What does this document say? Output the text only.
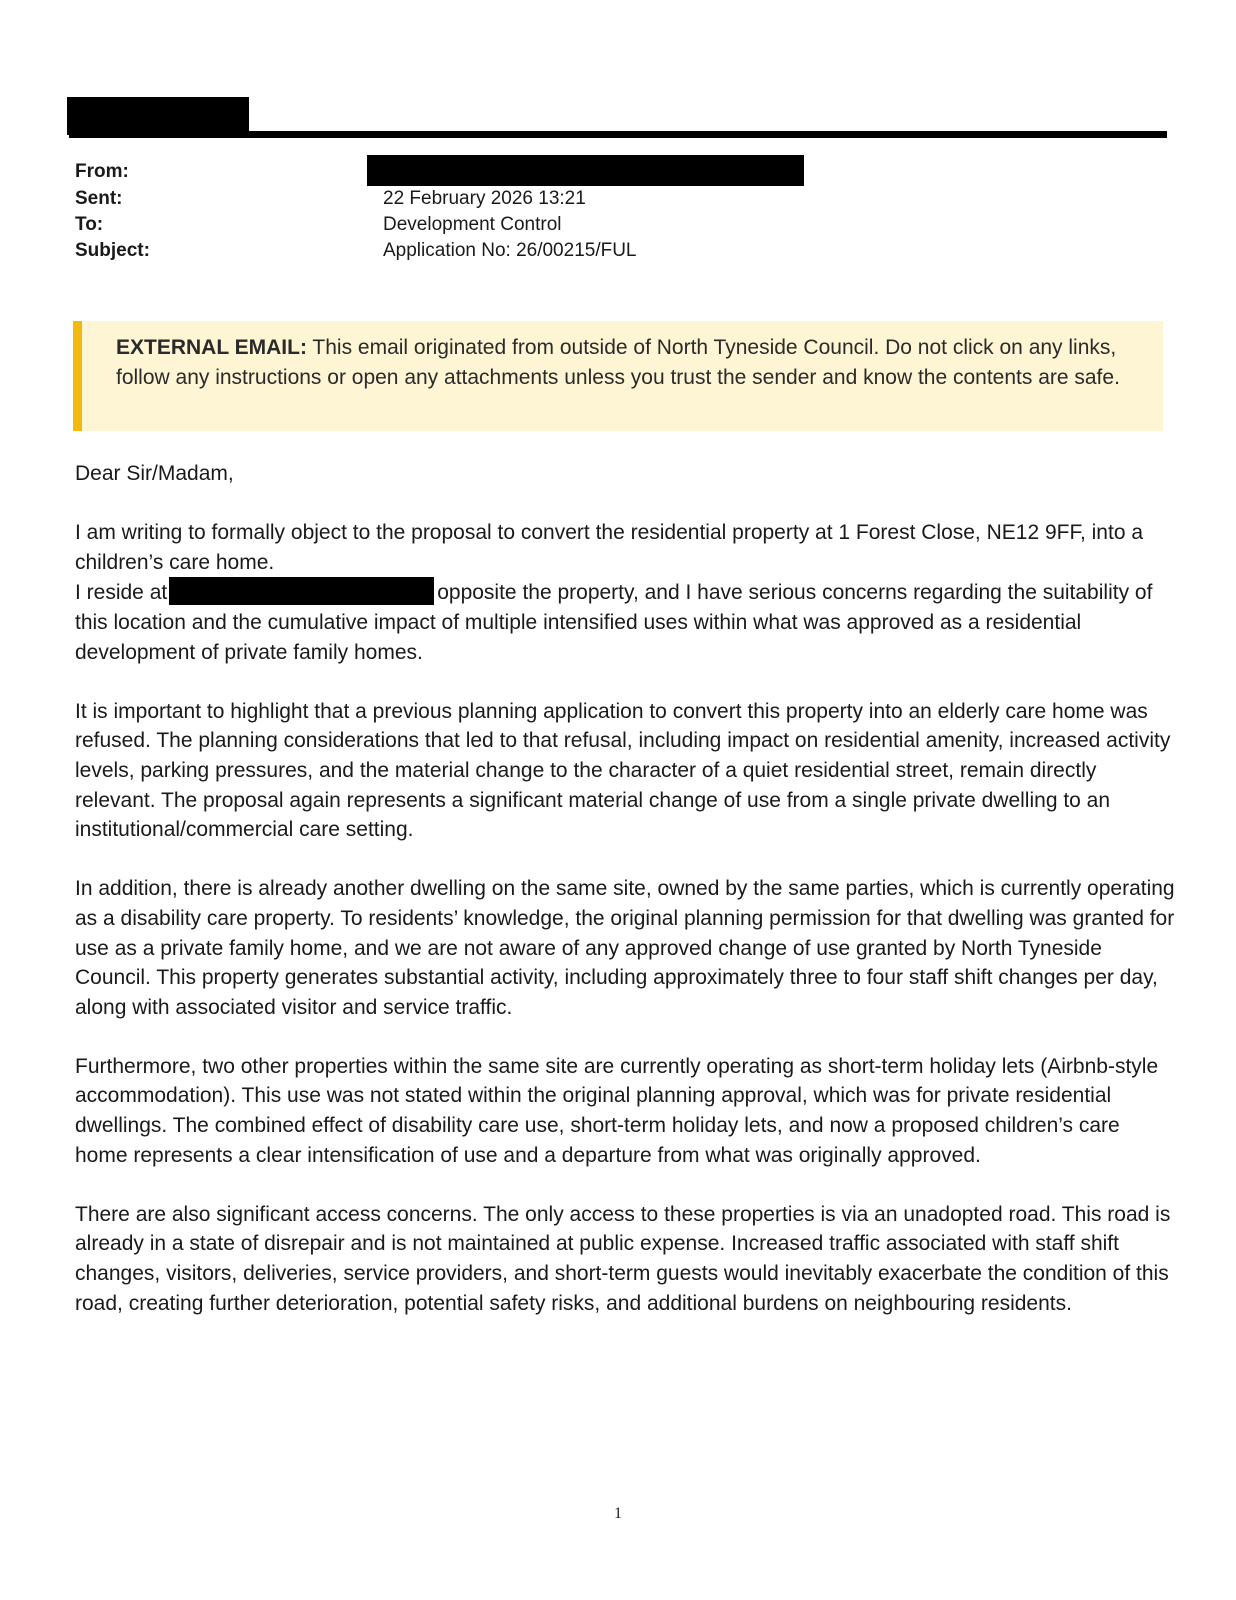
From:
Sent:	22 February 2026 13:21
To:	Development Control
Subject:	Application No: 26/00215/FUL
EXTERNAL EMAIL: This email originated from outside of North Tyneside Council. Do not click on any links, follow any instructions or open any attachments unless you trust the sender and know the contents are safe.

Dear Sir/Madam,

I am writing to formally object to the proposal to convert the residential property at 1 Forest Close, NE12 9FF, into a children’s care home.
I reside at	opposite the property, and I have serious concerns regarding the suitability of this location and the cumulative impact of multiple intensified uses within what was approved as a residential development of private family homes.

It is important to highlight that a previous planning application to convert this property into an elderly care home was refused. The planning considerations that led to that refusal, including impact on residential amenity, increased activity levels, parking pressures, and the material change to the character of a quiet residential street, remain directly relevant. The proposal again represents a significant material change of use from a single private dwelling to an institutional/commercial care setting.

In addition, there is already another dwelling on the same site, owned by the same parties, which is currently operating as a disability care property. To residents’ knowledge, the original planning permission for that dwelling was granted for use as a private family home, and we are not aware of any approved change of use granted by North Tyneside Council. This property generates substantial activity, including approximately three to four staff shift changes per day, along with associated visitor and service traffic.

Furthermore, two other properties within the same site are currently operating as short-term holiday lets (Airbnb-style accommodation). This use was not stated within the original planning approval, which was for private residential dwellings. The combined effect of disability care use, short-term holiday lets, and now a proposed children’s care home represents a clear intensification of use and a departure from what was originally approved.

There are also significant access concerns. The only access to these properties is via an unadopted road. This road is already in a state of disrepair and is not maintained at public expense. Increased traffic associated with staff shift changes, visitors, deliveries, service providers, and short-term guests would inevitably exacerbate the condition of this road, creating further deterioration, potential safety risks, and additional burdens on neighbouring residents.

1
